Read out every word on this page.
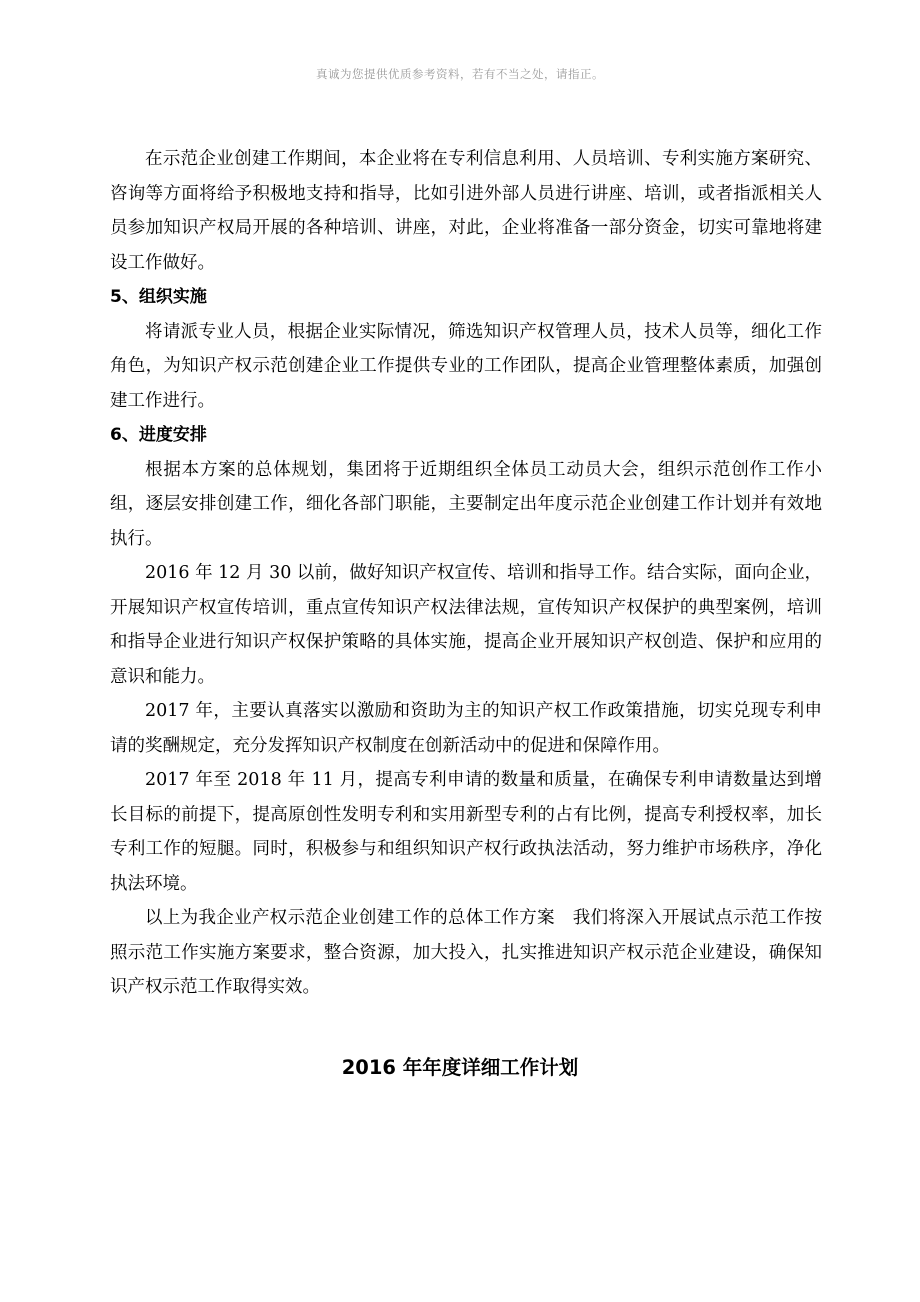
真诚为您提供优质参考资料，若有不当之处，请指正。

在示范企业创建工作期间，本企业将在专利信息利用、人员培训、专利实施方案研究、咨询等方面将给予积极地支持和指导，比如引进外部人员进行讲座、培训，或者指派相关人员参加知识产权局开展的各种培训、讲座，对此，企业将准备一部分资金，切实可靠地将建设工作做好。

5、组织实施

将请派专业人员，根据企业实际情况，筛选知识产权管理人员，技术人员等，细化工作角色，为知识产权示范创建企业工作提供专业的工作团队，提高企业管理整体素质，加强创建工作进行。

6、进度安排

根据本方案的总体规划，集团将于近期组织全体员工动员大会，组织示范创作工作小组，逐层安排创建工作，细化各部门职能，主要制定出年度示范企业创建工作计划并有效地执行。

2016 年 12 月 30 以前，做好知识产权宣传、培训和指导工作。结合实际，面向企业，开展知识产权宣传培训，重点宣传知识产权法律法规，宣传知识产权保护的典型案例，培训和指导企业进行知识产权保护策略的具体实施，提高企业开展知识产权创造、保护和应用的意识和能力。

2017 年，主要认真落实以激励和资助为主的知识产权工作政策措施，切实兑现专利申请的奖酬规定，充分发挥知识产权制度在创新活动中的促进和保障作用。

2017 年至 2018 年 11 月，提高专利申请的数量和质量，在确保专利申请数量达到增长目标的前提下，提高原创性发明专利和实用新型专利的占有比例，提高专利授权率，加长专利工作的短腿。同时，积极参与和组织知识产权行政执法活动，努力维护市场秩序，净化执法环境。

以上为我企业产权示范企业创建工作的总体工作方案　我们将深入开展试点示范工作按照示范工作实施方案要求，整合资源，加大投入，扎实推进知识产权示范企业建设，确保知识产权示范工作取得实效。

2016 年年度详细工作计划
